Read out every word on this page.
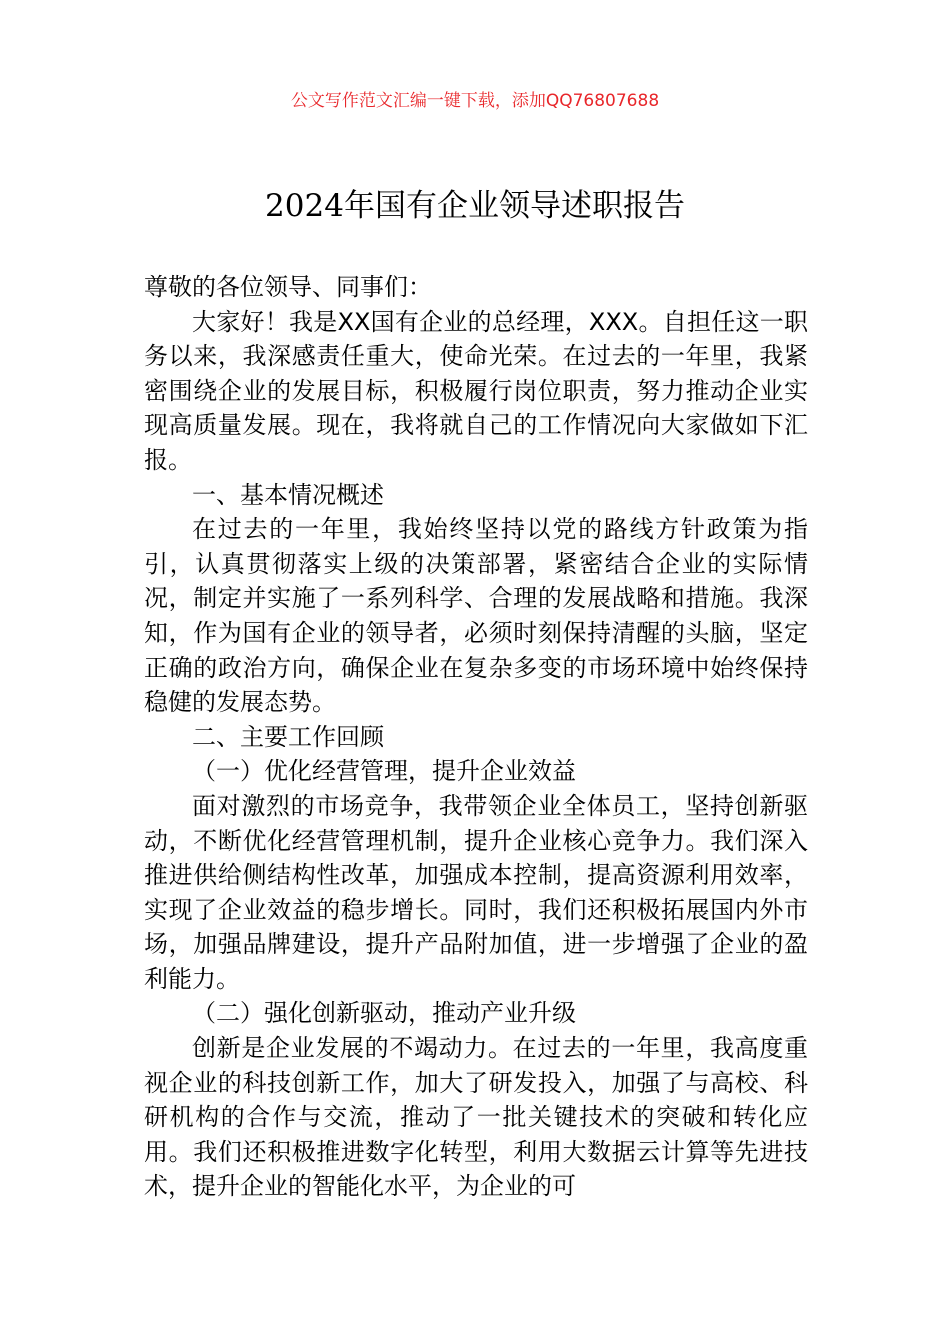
公文写作范文汇编一键下载，添加QQ76807688
2024年国有企业领导述职报告

尊敬的各位领导、同事们：

大家好！我是XX国有企业的总经理，XXX。自担任这一职务以来，我深感责任重大，使命光荣。在过去的一年里，我紧密围绕企业的发展目标，积极履行岗位职责，努力推动企业实现高质量发展。现在，我将就自己的工作情况向大家做如下汇报。

一、基本情况概述

在过去的一年里，我始终坚持以党的路线方针政策为指引，认真贯彻落实上级的决策部署，紧密结合企业的实际情况，制定并实施了一系列科学、合理的发展战略和措施。我深知，作为国有企业的领导者，必须时刻保持清醒的头脑，坚定正确的政治方向，确保企业在复杂多变的市场环境中始终保持稳健的发展态势。

二、主要工作回顾

（一）优化经营管理，提升企业效益

面对激烈的市场竞争，我带领企业全体员工，坚持创新驱动，不断优化经营管理机制，提升企业核心竞争力。我们深入推进供给侧结构性改革，加强成本控制，提高资源利用效率，实现了企业效益的稳步增长。同时，我们还积极拓展国内外市场，加强品牌建设，提升产品附加值，进一步增强了企业的盈利能力。

（二）强化创新驱动，推动产业升级

创新是企业发展的不竭动力。在过去的一年里，我高度重视企业的科技创新工作，加大了研发投入，加强了与高校、科研机构的合作与交流，推动了一批关键技术的突破和转化应用。我们还积极推进数字化转型，利用大数据云计算等先进技术，提升企业的智能化水平，为企业的可
